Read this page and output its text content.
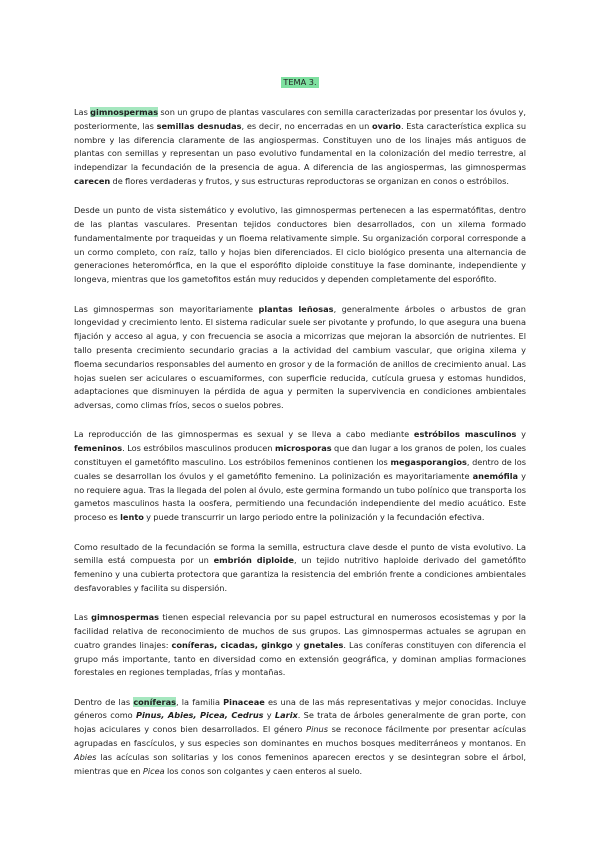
TEMA 3.

Las gimnospermas son un grupo de plantas vasculares con semilla caracterizadas por presentar los óvulos y, posteriormente, las semillas desnudas, es decir, no encerradas en un ovario. Esta característica explica su nombre y las diferencia claramente de las angiospermas. Constituyen uno de los linajes más antiguos de plantas con semillas y representan un paso evolutivo fundamental en la colonización del medio terrestre, al independizar la fecundación de la presencia de agua. A diferencia de las angiospermas, las gimnospermas carecen de flores verdaderas y frutos, y sus estructuras reproductoras se organizan en conos o estróbilos.

Desde un punto de vista sistemático y evolutivo, las gimnospermas pertenecen a las espermatófitas, dentro de las plantas vasculares. Presentan tejidos conductores bien desarrollados, con un xilema formado fundamentalmente por traqueidas y un floema relativamente simple. Su organización corporal corresponde a un cormo completo, con raíz, tallo y hojas bien diferenciados. El ciclo biológico presenta una alternancia de generaciones heteromórfica, en la que el esporófito diploide constituye la fase dominante, independiente y longeva, mientras que los gametofitos están muy reducidos y dependen completamente del esporófito.

Las gimnospermas son mayoritariamente plantas leñosas, generalmente árboles o arbustos de gran longevidad y crecimiento lento. El sistema radicular suele ser pivotante y profundo, lo que asegura una buena fijación y acceso al agua, y con frecuencia se asocia a micorrizas que mejoran la absorción de nutrientes. El tallo presenta crecimiento secundario gracias a la actividad del cambium vascular, que origina xilema y floema secundarios responsables del aumento en grosor y de la formación de anillos de crecimiento anual. Las hojas suelen ser aciculares o escuamiformes, con superficie reducida, cutícula gruesa y estomas hundidos, adaptaciones que disminuyen la pérdida de agua y permiten la supervivencia en condiciones ambientales adversas, como climas fríos, secos o suelos pobres.

La reproducción de las gimnospermas es sexual y se lleva a cabo mediante estróbilos masculinos y femeninos. Los estróbilos masculinos producen microsporas que dan lugar a los granos de polen, los cuales constituyen el gametófito masculino. Los estróbilos femeninos contienen los megasporangios, dentro de los cuales se desarrollan los óvulos y el gametófito femenino. La polinización es mayoritariamente anemófila y no requiere agua. Tras la llegada del polen al óvulo, este germina formando un tubo polínico que transporta los gametos masculinos hasta la oosfera, permitiendo una fecundación independiente del medio acuático. Este proceso es lento y puede transcurrir un largo periodo entre la polinización y la fecundación efectiva.

Como resultado de la fecundación se forma la semilla, estructura clave desde el punto de vista evolutivo. La semilla está compuesta por un embrión diploide, un tejido nutritivo haploide derivado del gametófito femenino y una cubierta protectora que garantiza la resistencia del embrión frente a condiciones ambientales desfavorables y facilita su dispersión.

Las gimnospermas tienen especial relevancia por su papel estructural en numerosos ecosistemas y por la facilidad relativa de reconocimiento de muchos de sus grupos. Las gimnospermas actuales se agrupan en cuatro grandes linajes: coníferas, cicadas, ginkgo y gnetales. Las coníferas constituyen con diferencia el grupo más importante, tanto en diversidad como en extensión geográfica, y dominan amplias formaciones forestales en regiones templadas, frías y montañas.

Dentro de las coníferas, la familia Pinaceae es una de las más representativas y mejor conocidas. Incluye géneros como Pinus, Abies, Picea, Cedrus y Larix. Se trata de árboles generalmente de gran porte, con hojas aciculares y conos bien desarrollados. El género Pinus se reconoce fácilmente por presentar acículas agrupadas en fascículos, y sus especies son dominantes en muchos bosques mediterráneos y montanos. En Abies las acículas son solitarias y los conos femeninos aparecen erectos y se desintegran sobre el árbol, mientras que en Picea los conos son colgantes y caen enteros al suelo.
